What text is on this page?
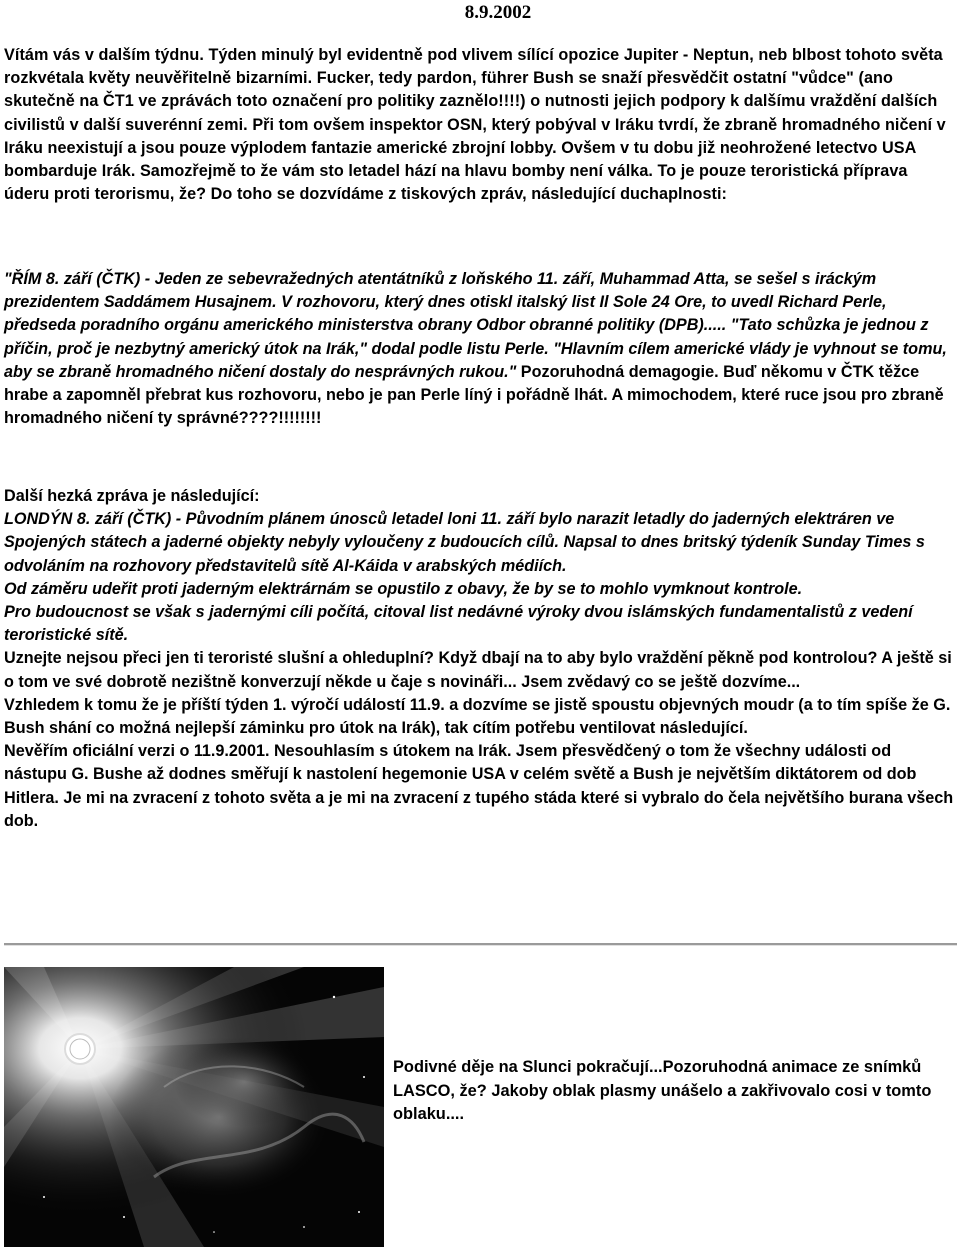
8.9.2002
Vítám vás v dalším týdnu. Týden minulý byl evidentně pod vlivem sílící opozice Jupiter - Neptun, neb blbost tohoto světa rozkvétala květy neuvěřitelně bizarními. Fucker, tedy pardon, führer Bush se snaží přesvědčit ostatní "vůdce" (ano skutečně na ČT1 ve zprávách toto označení pro politiky zaznělo!!!!) o nutnosti jejich podpory k dalšímu vraždění dalších civilistů v další suverénní zemi. Při tom ovšem inspektor OSN, který pobýval v Iráku tvrdí, že zbraně hromadného ničení v Iráku neexistují a jsou pouze výplodem fantazie americké zbrojní lobby. Ovšem v tu dobu již neohrožené letectvo USA bombarduje Irák. Samozřejmě to že vám sto letadel hází na hlavu bomby není válka. To je pouze teroristická příprava úderu proti terorismu, že? Do toho se dozvídáme z tiskových zpráv, následující duchaplnosti:
"ŘÍM 8. září (ČTK) - Jeden ze sebevražedných atentátníků z loňského 11. září, Muhammad Atta, se sešel s iráckým prezidentem Saddámem Husajnem. V rozhovoru, který dnes otiskl italský list Il Sole 24 Ore, to uvedl Richard Perle, předseda poradního orgánu amerického ministerstva obrany Odbor obranné politiky (DPB)..... "Tato schůzka je jednou z příčin, proč je nezbytný americký útok na Irák," dodal podle listu Perle. "Hlavním cílem americké vlády je vyhnout se tomu, aby se zbraně hromadného ničení dostaly do nesprávných rukou." Pozoruhodná demagogie. Buď někomu v ČTK těžce hrabe a zapomněl přebrat kus rozhovoru, nebo je pan Perle líný i pořádně lhát. A mimochodem, které ruce jsou pro zbraně hromadného ničení ty správné????!!!!!!!!

Další hezká zpráva je následující:

LONDÝN 8. září (ČTK) - Původním plánem únosců letadel loni 11. září bylo narazit letadly do jaderných elektráren ve Spojených státech a jaderné objekty nebyly vyloučeny z budoucích cílů. Napsal to dnes britský týdeník Sunday Times s odvoláním na rozhovory představitelů sítě Al-Káida v arabských médiích.

Od záměru udeřit proti jaderným elektrárnám se opustilo z obavy, že by se to mohlo vymknout kontrole.

Pro budoucnost se však s jadernými cíli počítá, citoval list nedávné výroky dvou islámských fundamentalistů z vedení teroristické sítě.

Uznejte nejsou přeci jen ti teroristé slušní a ohleduplní? Když dbají na to aby bylo vraždění pěkně pod kontrolou? A ještě si o tom ve své dobrotě nezištně konverzují někde u čaje s novináři... Jsem zvědavý co se ještě dozvíme...

Vzhledem k tomu že je příští týden 1. výročí událostí 11.9. a dozvíme se jistě spoustu objevných moudr (a to tím spíše že G. Bush shání co možná nejlepší záminku pro útok na Irák), tak cítím potřebu ventilovat následující.

Nevěřím oficiální verzi o 11.9.2001. Nesouhlasím s útokem na Irák. Jsem přesvědčený o tom že všechny události od nástupu G. Bushe až dodnes směřují k nastolení hegemonie USA v celém světě a Bush je největším diktátorem od dob Hitlera. Je mi na zvracení z tohoto světa a je mi na zvracení z tupého stáda které si vybralo do čela největšího burana všech dob.

Podivné děje na Slunci pokračují...Pozoruhodná animace ze snímků LASCO, že? Jakoby oblak plasmy unášelo a zakřivovalo cosi v tomto oblaku....
